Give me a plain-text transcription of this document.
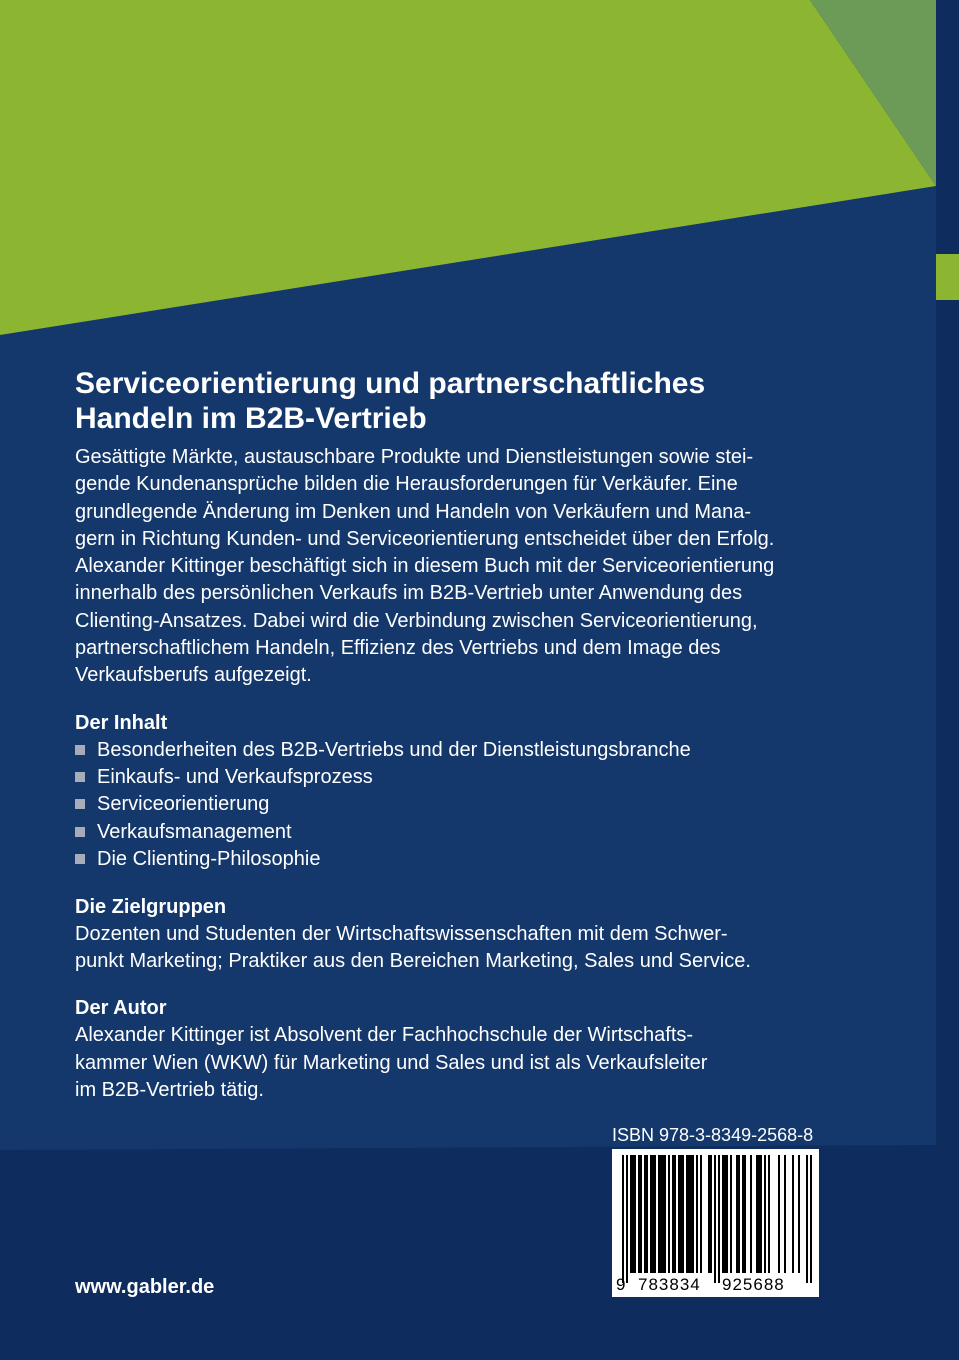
Serviceorientierung und partnerschaftliches
Handeln im B2B-Vertrieb
Gesättigte Märkte, austauschbare Produkte und Dienstleistungen sowie stei-
gende Kundenansprüche bilden die Herausforderungen für Verkäufer. Eine
grundlegende Änderung im Denken und Handeln von Verkäufern und Mana-
gern in Richtung Kunden- und Serviceorientierung entscheidet über den Erfolg.
Alexander Kittinger beschäftigt sich in diesem Buch mit der Serviceorientierung
innerhalb des persönlichen Verkaufs im B2B-Vertrieb unter Anwendung des
Clienting-Ansatzes. Dabei wird die Verbindung zwischen Serviceorientierung,
partnerschaftlichem Handeln, Effizienz des Vertriebs und dem Image des
Verkaufsberufs aufgezeigt.
Der Inhalt
Besonderheiten des B2B-Vertriebs und der Dienstleistungsbranche
Einkaufs- und Verkaufsprozess
Serviceorientierung
Verkaufsmanagement
Die Clienting-Philosophie
Die Zielgruppen
Dozenten und Studenten der Wirtschaftswissenschaften mit dem Schwer-
punkt Marketing; Praktiker aus den Bereichen Marketing, Sales und Service.
Der Autor
Alexander Kittinger ist Absolvent der Fachhochschule der Wirtschafts-
kammer Wien (WKW) für Marketing und Sales und ist als Verkaufsleiter
im B2B-Vertrieb tätig.
ISBN 978-3-8349-2568-8
9 783834 925688
www.gabler.de
